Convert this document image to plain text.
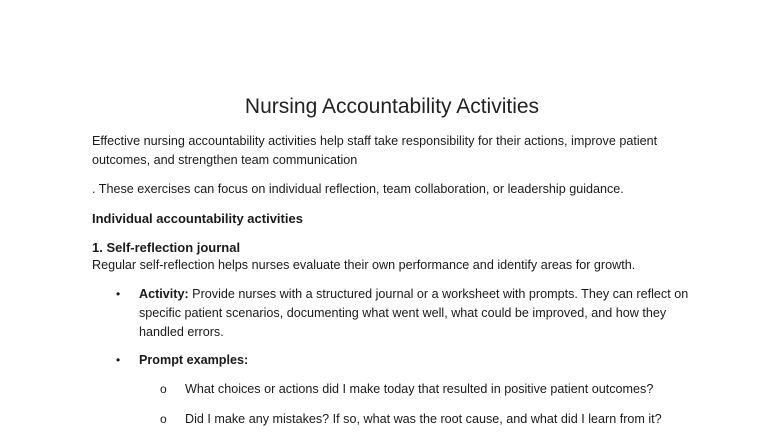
Nursing Accountability Activities
Effective nursing accountability activities help staff take responsibility for their actions, improve patient outcomes, and strengthen team communication
. These exercises can focus on individual reflection, team collaboration, or leadership guidance.
Individual accountability activities
1. Self-reflection journal
Regular self-reflection helps nurses evaluate their own performance and identify areas for growth.
• Activity: Provide nurses with a structured journal or a worksheet with prompts. They can reflect on specific patient scenarios, documenting what went well, what could be improved, and how they handled errors.
• Prompt examples:
o What choices or actions did I make today that resulted in positive patient outcomes?
o Did I make any mistakes? If so, what was the root cause, and what did I learn from it?
